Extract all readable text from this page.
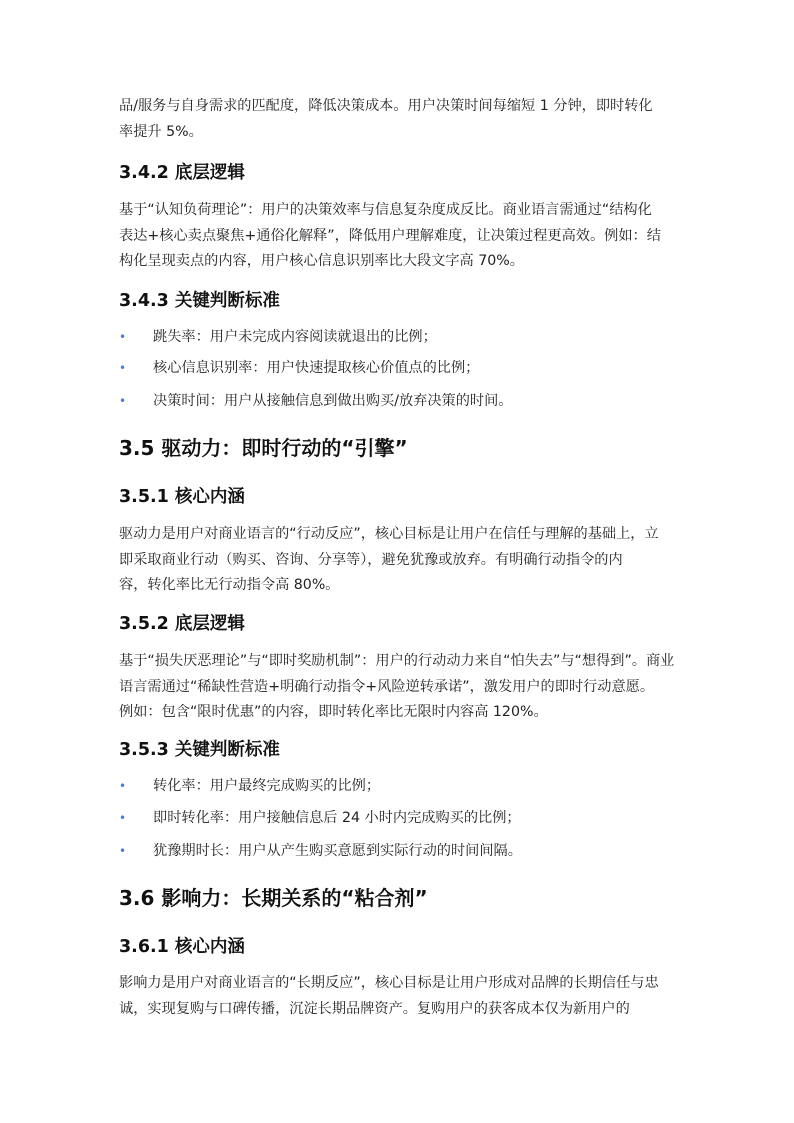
品/服务与自身需求的匹配度，降低决策成本。用户决策时间每缩短 1 分钟，即时转化
率提升 5%。

3.4.2 底层逻辑

基于“认知负荷理论”：用户的决策效率与信息复杂度成反比。商业语言需通过“结构化
表达+核心卖点聚焦+通俗化解释”，降低用户理解难度，让决策过程更高效。例如：结
构化呈现卖点的内容，用户核心信息识别率比大段文字高 70%。

3.4.3 关键判断标准
• 跳失率：用户未完成内容阅读就退出的比例；
• 核心信息识别率：用户快速提取核心价值点的比例；
• 决策时间：用户从接触信息到做出购买/放弃决策的时间。
3.5 驱动力：即时行动的“引擎”
3.5.1 核心内涵

驱动力是用户对商业语言的“行动反应”，核心目标是让用户在信任与理解的基础上，立
即采取商业行动（购买、咨询、分享等），避免犹豫或放弃。有明确行动指令的内
容，转化率比无行动指令高 80%。

3.5.2 底层逻辑

基于“损失厌恶理论”与“即时奖励机制”：用户的行动动力来自“怕失去”与“想得到”。商业
语言需通过“稀缺性营造+明确行动指令+风险逆转承诺”，激发用户的即时行动意愿。
例如：包含“限时优惠”的内容，即时转化率比无限时内容高 120%。

3.5.3 关键判断标准
• 转化率：用户最终完成购买的比例；
• 即时转化率：用户接触信息后 24 小时内完成购买的比例；
• 犹豫期时长：用户从产生购买意愿到实际行动的时间间隔。
3.6 影响力：长期关系的“粘合剂”
3.6.1 核心内涵

影响力是用户对商业语言的“长期反应”，核心目标是让用户形成对品牌的长期信任与忠
诚，实现复购与口碑传播，沉淀长期品牌资产。复购用户的获客成本仅为新用户的
